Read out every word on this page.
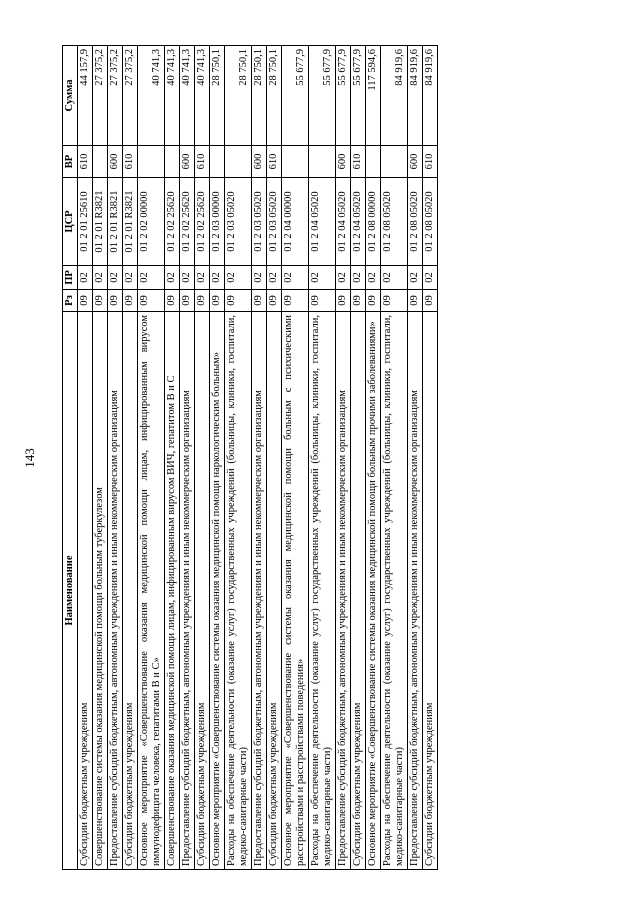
143
Наименование	Рз	ПР	ЦСР	ВР	Сумма
Субсидии бюджетным учреждениям	09	02	01 2 01 25610	610	44 157,9
Совершенствование системы оказания медицинской помощи больным туберкулезом	09	02	01 2 01 R3821		27 375,2
Предоставление субсидий бюджетным, автономным учреждениям и иным некоммерческим организациям	09	02	01 2 01 R3821	600	27 375,2
Субсидии бюджетным учреждениям	09	02	01 2 01 R3821	610	27 375,2
Основное мероприятие «Совершенствование оказания медицинской помощи лицам, инфицированным вирусом иммунодефицита человека, гепатитами В и С»	09	02	01 2 02 00000		40 741,3
Совершенствование оказания медицинской помощи лицам, инфицированным вирусом ВИЧ, гепатитом В и С	09	02	01 2 02 25620		40 741,3
Предоставление субсидий бюджетным, автономным учреждениям и иным некоммерческим организациям	09	02	01 2 02 25620	600	40 741,3
Субсидии бюджетным учреждениям	09	02	01 2 02 25620	610	40 741,3
Основное мероприятие «Совершенствование системы оказания медицинской помощи наркологическим больным»	09	02	01 2 03 00000		28 750,1
Расходы на обеспечение деятельности (оказание услуг) государственных учреждений (больницы, клиники, госпитали, медико-санитарные части)	09	02	01 2 03 05020		28 750,1
Предоставление субсидий бюджетным, автономным учреждениям и иным некоммерческим организациям	09	02	01 2 03 05020	600	28 750,1
Субсидии бюджетным учреждениям	09	02	01 2 03 05020	610	28 750,1
Основное мероприятие «Совершенствование системы оказания медицинской помощи больным с психическими расстройствами и расстройствами поведения»	09	02	01 2 04 00000		55 677,9
Расходы на обеспечение деятельности (оказание услуг) государственных учреждений (больницы, клиники, госпитали, медико-санитарные части)	09	02	01 2 04 05020		55 677,9
Предоставление субсидий бюджетным, автономным учреждениям и иным некоммерческим организациям	09	02	01 2 04 05020	600	55 677,9
Субсидии бюджетным учреждениям	09	02	01 2 04 05020	610	55 677,9
Основное мероприятие «Совершенствование системы оказания медицинской помощи больным прочими заболеваниями»	09	02	01 2 08 00000		117 594,6
Расходы на обеспечение деятельности (оказание услуг) государственных учреждений (больницы, клиники, госпитали, медико-санитарные части)	09	02	01 2 08 05020		84 919,6
Предоставление субсидий бюджетным, автономным учреждениям и иным некоммерческим организациям	09	02	01 2 08 05020	600	84 919,6
Субсидии бюджетным учреждениям	09	02	01 2 08 05020	610	84 919,6
